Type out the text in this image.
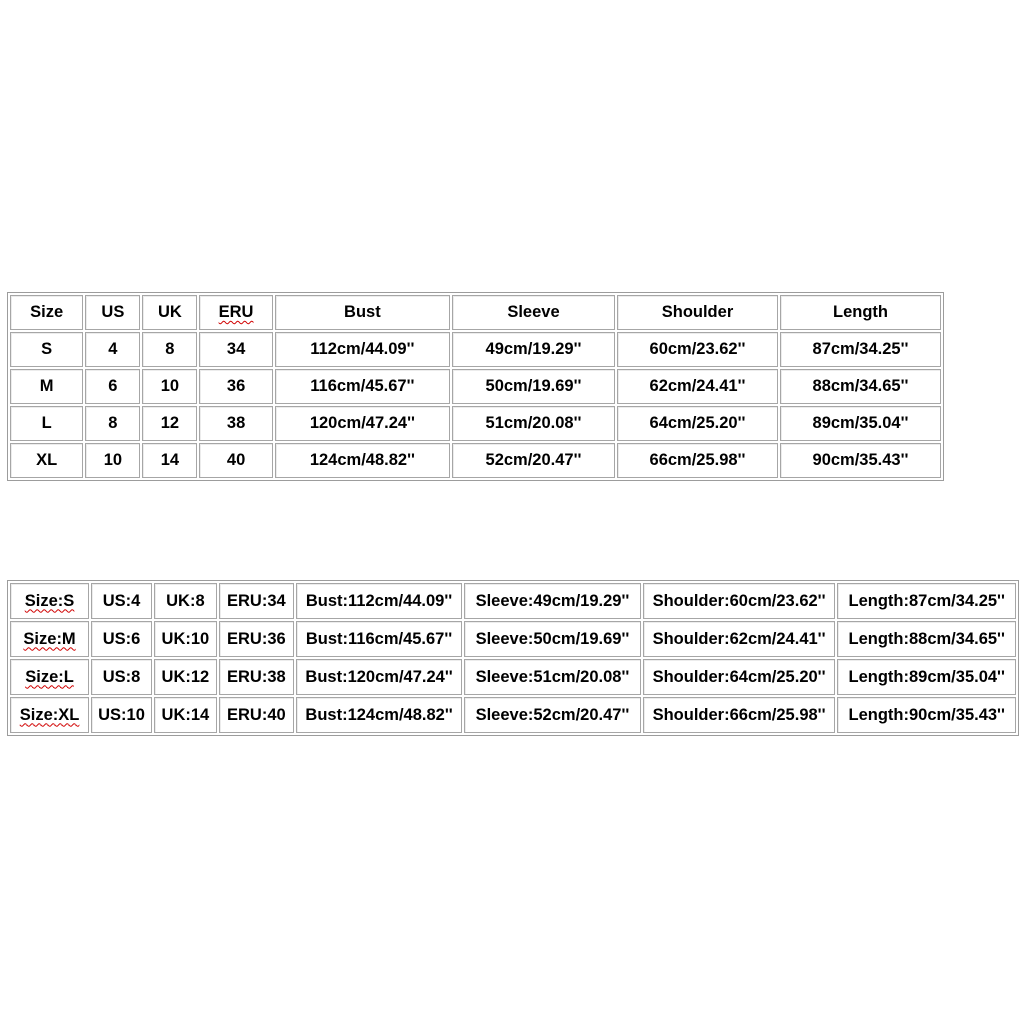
Size	US	UK	ERU	Bust	Sleeve	Shoulder	Length
S	4	8	34	112cm/44.09''	49cm/19.29''	60cm/23.62''	87cm/34.25''
M	6	10	36	116cm/45.67''	50cm/19.69''	62cm/24.41''	88cm/34.65''
L	8	12	38	120cm/47.24''	51cm/20.08''	64cm/25.20''	89cm/35.04''
XL	10	14	40	124cm/48.82''	52cm/20.47''	66cm/25.98''	90cm/35.43''
Size:S	US:4	UK:8	ERU:34	Bust:112cm/44.09''	Sleeve:49cm/19.29''	Shoulder:60cm/23.62''	Length:87cm/34.25''
Size:M	US:6	UK:10	ERU:36	Bust:116cm/45.67''	Sleeve:50cm/19.69''	Shoulder:62cm/24.41''	Length:88cm/34.65''
Size:L	US:8	UK:12	ERU:38	Bust:120cm/47.24''	Sleeve:51cm/20.08''	Shoulder:64cm/25.20''	Length:89cm/35.04''
Size:XL	US:10	UK:14	ERU:40	Bust:124cm/48.82''	Sleeve:52cm/20.47''	Shoulder:66cm/25.98''	Length:90cm/35.43''
